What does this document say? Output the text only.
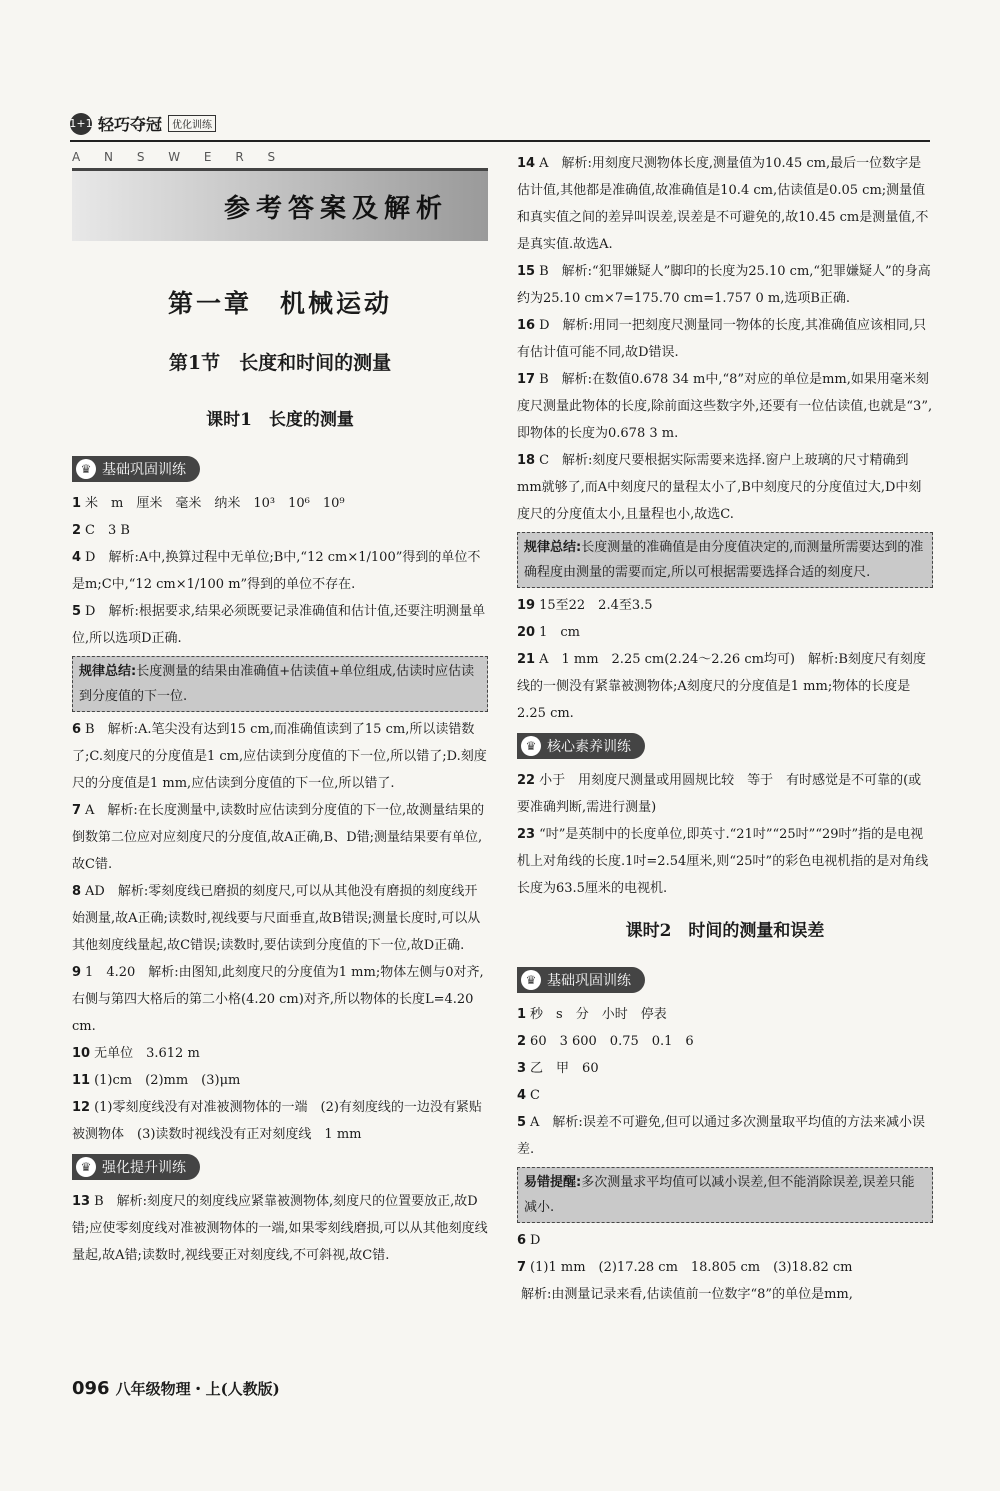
1+1 轻巧夺冠	优化训练
A N S W E R S
参考答案及解析
第一章　机械运动
第1节　长度和时间的测量
课时1　长度的测量
♛ 基础巩固训练

1 米　m　厘米　毫米　纳米　10³　10⁶　10⁹

2 C　3 B

4 D　解析:A中,换算过程中无单位;B中,“12 cm×1/100”得到的单位不是m;C中,“12 cm×1/100 m”得到的单位不存在.

5 D　解析:根据要求,结果必须既要记录准确值和估计值,还要注明测量单位,所以选项D正确.

规律总结:长度测量的结果由准确值+估读值+单位组成,估读时应估读到分度值的下一位.

6 B　解析:A.笔尖没有达到15 cm,而准确值读到了15 cm,所以读错数了;C.刻度尺的分度值是1 cm,应估读到分度值的下一位,所以错了;D.刻度尺的分度值是1 mm,应估读到分度值的下一位,所以错了.

7 A　解析:在长度测量中,读数时应估读到分度值的下一位,故测量结果的倒数第二位应对应刻度尺的分度值,故A正确,B、D错;测量结果要有单位,故C错.

8 AD　解析:零刻度线已磨损的刻度尺,可以从其他没有磨损的刻度线开始测量,故A正确;读数时,视线要与尺面垂直,故B错误;测量长度时,可以从其他刻度线量起,故C错误;读数时,要估读到分度值的下一位,故D正确.

9 1　4.20　解析:由图知,此刻度尺的分度值为1 mm;物体左侧与0对齐,右侧与第四大格后的第二小格(4.20 cm)对齐,所以物体的长度L=4.20 cm.

10 无单位　3.612 m

11 (1)cm　(2)mm　(3)μm

12 (1)零刻度线没有对准被测物体的一端　(2)有刻度线的一边没有紧贴被测物体　(3)读数时视线没有正对刻度线　1 mm

♛ 强化提升训练

13 B　解析:刻度尺的刻度线应紧靠被测物体,刻度尺的位置要放正,故D错;应使零刻度线对准被测物体的一端,如果零刻线磨损,可以从其他刻度线量起,故A错;读数时,视线要正对刻度线,不可斜视,故C错.

14 A　解析:用刻度尺测物体长度,测量值为10.45 cm,最后一位数字是估计值,其他都是准确值,故准确值是10.4 cm,估读值是0.05 cm;测量值和真实值之间的差异叫误差,误差是不可避免的,故10.45 cm是测量值,不是真实值.故选A.

15 B　解析:“犯罪嫌疑人”脚印的长度为25.10 cm,“犯罪嫌疑人”的身高约为25.10 cm×7=175.70 cm=1.757 0 m,选项B正确.

16 D　解析:用同一把刻度尺测量同一物体的长度,其准确值应该相同,只有估计值可能不同,故D错误.

17 B　解析:在数值0.678 34 m中,“8”对应的单位是mm,如果用毫米刻度尺测量此物体的长度,除前面这些数字外,还要有一位估读值,也就是“3”,即物体的长度为0.678 3 m.

18 C　解析:刻度尺要根据实际需要来选择.窗户上玻璃的尺寸精确到mm就够了,而A中刻度尺的量程太小了,B中刻度尺的分度值过大,D中刻度尺的分度值太小,且量程也小,故选C.

规律总结:长度测量的准确值是由分度值决定的,而测量所需要达到的准确程度由测量的需要而定,所以可根据需要选择合适的刻度尺.

19 15至22　2.4至3.5

20 1　cm

21 A　1 mm　2.25 cm(2.24～2.26 cm均可)　解析:B刻度尺有刻度线的一侧没有紧靠被测物体;A刻度尺的分度值是1 mm;物体的长度是2.25 cm.

♛ 核心素养训练

22 小于　用刻度尺测量或用圆规比较　等于　有时感觉是不可靠的(或要准确判断,需进行测量)

23 “吋”是英制中的长度单位,即英寸.“21吋”“25吋”“29吋”指的是电视机上对角线的长度.1吋=2.54厘米,则“25吋”的彩色电视机指的是对角线长度为63.5厘米的电视机.

课时2　时间的测量和误差
♛ 基础巩固训练

1 秒　s　分　小时　停表

2 60　3 600　0.75　0.1　6

3 乙　甲　60

4 C

5 A　解析:误差不可避免,但可以通过多次测量取平均值的方法来减小误差.

易错提醒:多次测量求平均值可以减小误差,但不能消除误差,误差只能减小.

6 D

7 (1)1 mm　(2)17.28 cm　18.805 cm　(3)18.82 cm

解析:由测量记录来看,估读值前一位数字“8”的单位是mm,

096 八年级物理・上(人教版)
